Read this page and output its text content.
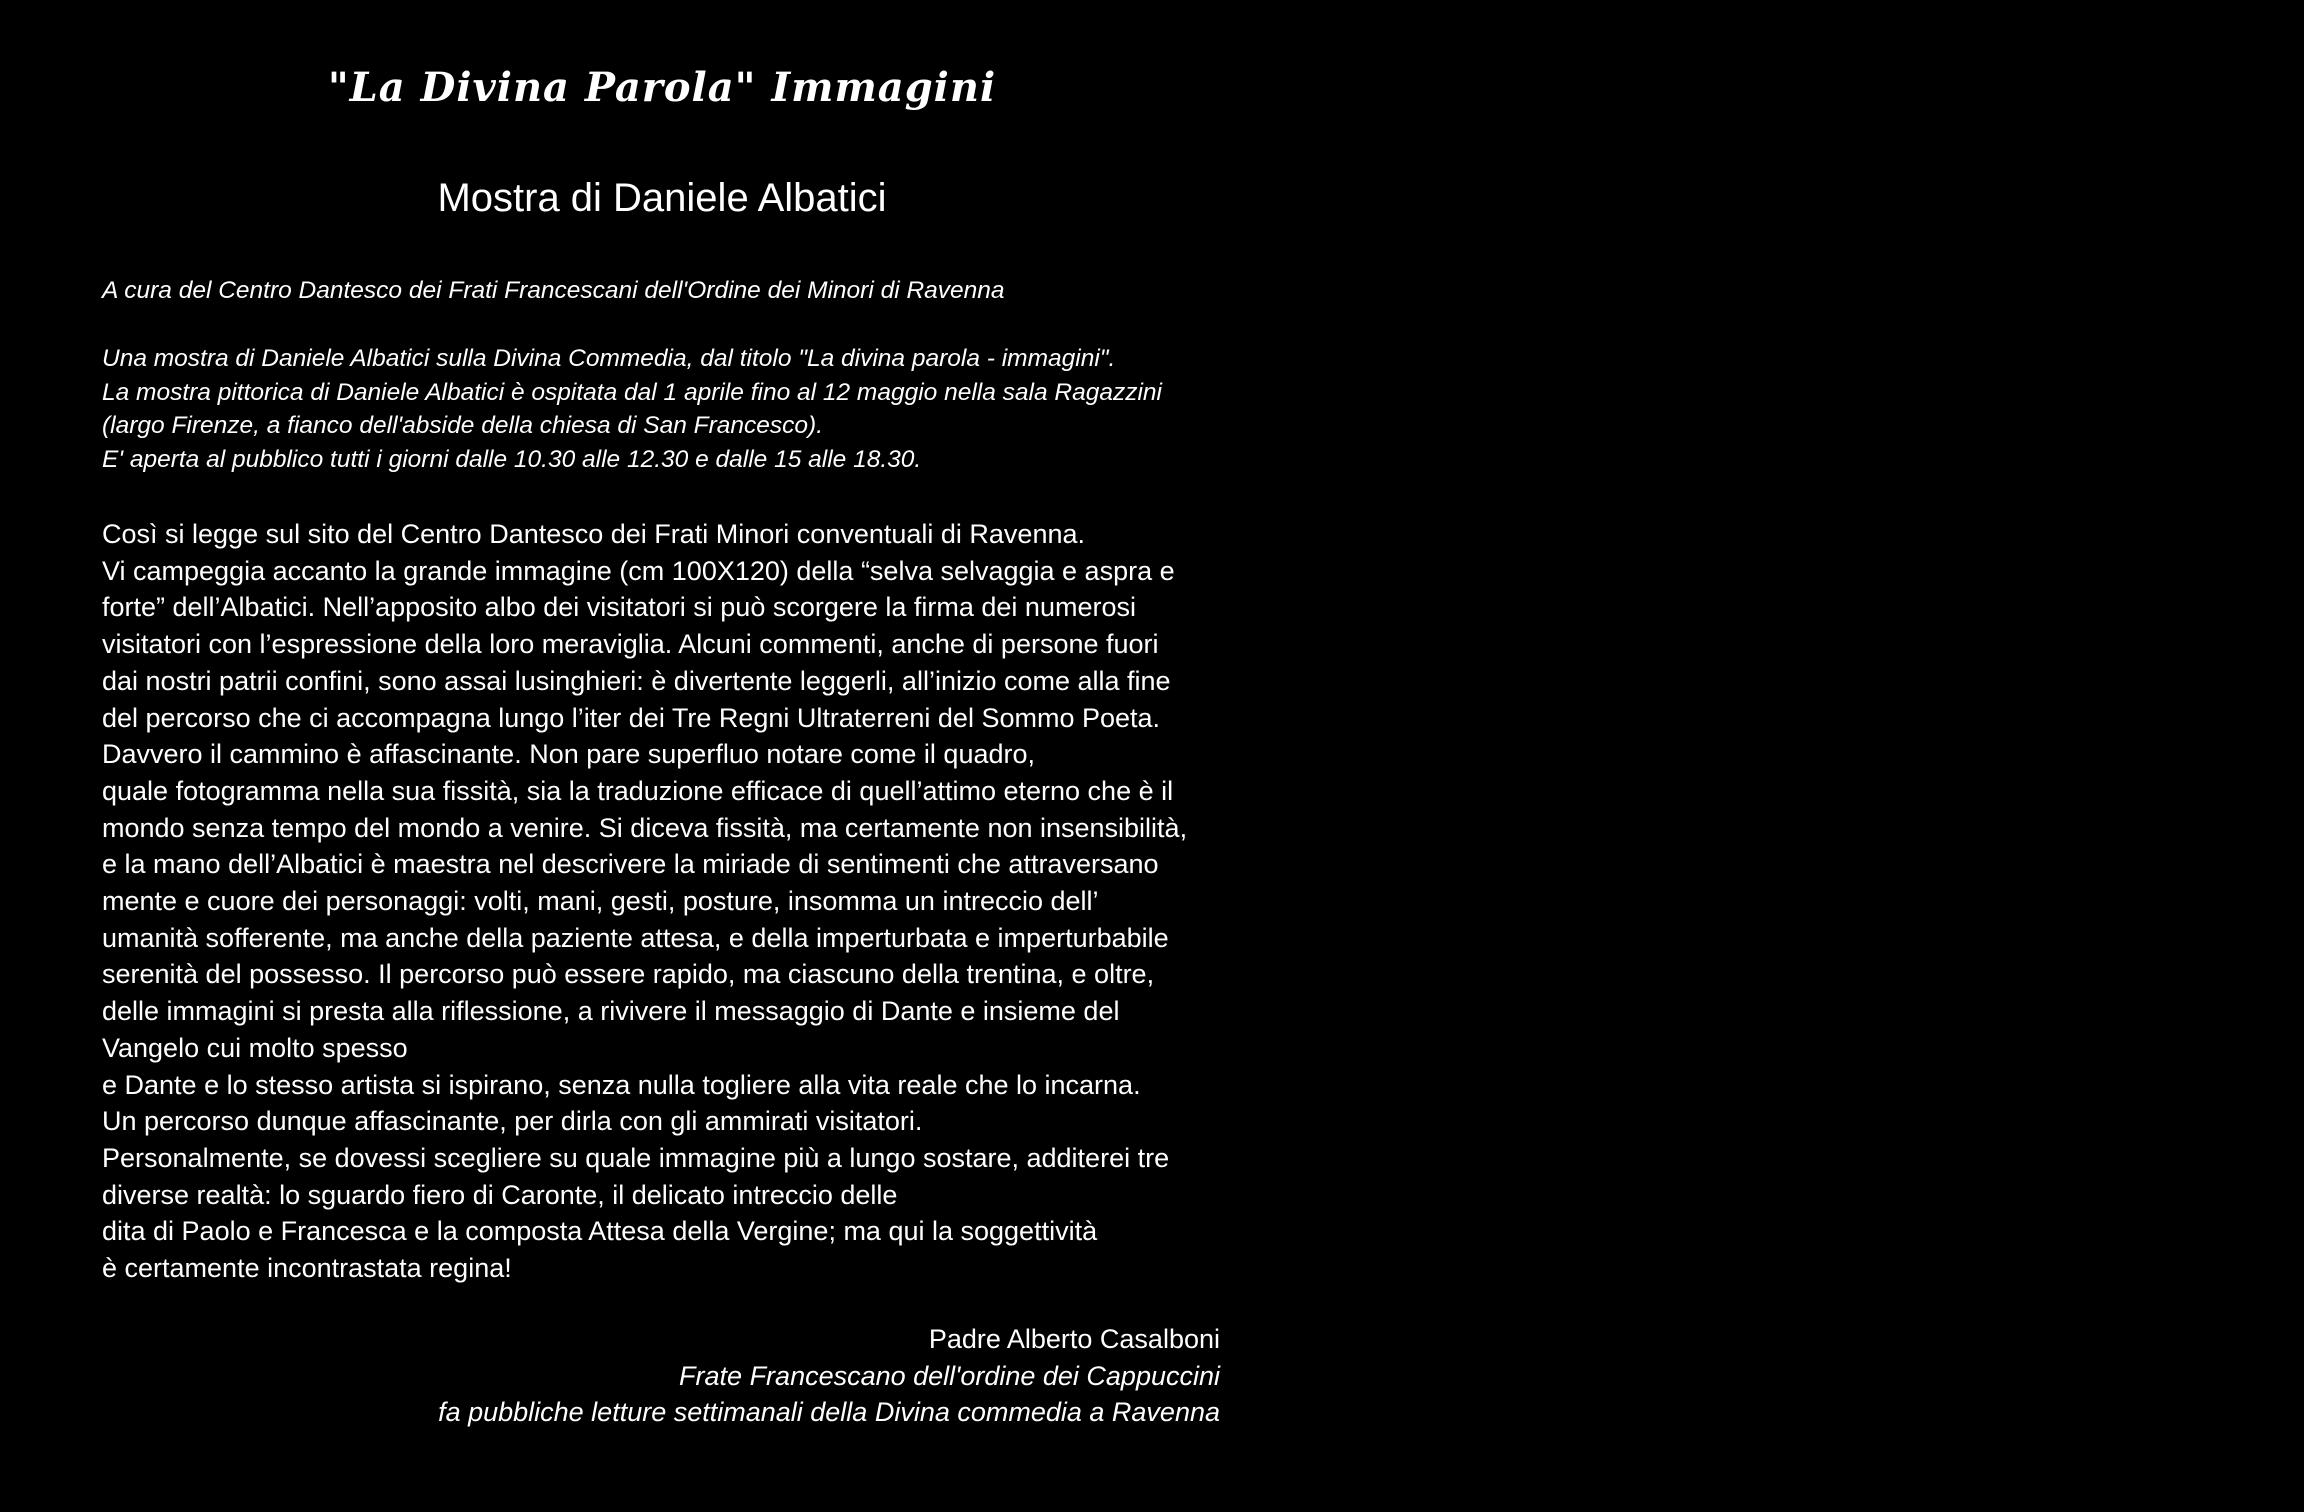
"La Divina Parola" Immagini
Mostra di Daniele Albatici

A cura del Centro Dantesco dei Frati Francescani dell'Ordine dei Minori di Ravenna

Una mostra di Daniele Albatici sulla Divina Commedia, dal titolo "La divina parola - immagini".
La mostra pittorica di Daniele Albatici è ospitata dal 1 aprile fino al 12 maggio nella sala Ragazzini
(largo Firenze, a fianco dell'abside della chiesa di San Francesco).
E' aperta al pubblico tutti i giorni dalle 10.30 alle 12.30 e dalle 15 alle 18.30.

Così si legge sul sito del Centro Dantesco dei Frati Minori conventuali di Ravenna.
Vi campeggia accanto la grande immagine (cm 100X120) della “selva selvaggia e aspra e
forte” dell’Albatici. Nell’apposito albo dei visitatori si può scorgere la firma dei numerosi
visitatori con l’espressione della loro meraviglia. Alcuni commenti, anche di persone fuori
dai nostri patrii confini, sono assai lusinghieri: è divertente leggerli, all’inizio come alla fine
del percorso che ci accompagna lungo l’iter dei Tre Regni Ultraterreni del Sommo Poeta.
Davvero il cammino è affascinante. Non pare superfluo notare come il quadro,
quale fotogramma nella sua fissità, sia la traduzione efficace di quell’attimo eterno che è il
mondo senza tempo del mondo a venire. Si diceva fissità, ma certamente non insensibilità,
e la mano dell’Albatici è maestra nel descrivere la miriade di sentimenti che attraversano
mente e cuore dei personaggi: volti, mani, gesti, posture, insomma un intreccio dell’
umanità sofferente, ma anche della paziente attesa, e della imperturbata e imperturbabile
serenità del possesso. Il percorso può essere rapido, ma ciascuno della trentina, e oltre,
delle immagini si presta alla riflessione, a rivivere il messaggio di Dante e insieme del
Vangelo cui molto spesso
e Dante e lo stesso artista si ispirano, senza nulla togliere alla vita reale che lo incarna.
Un percorso dunque affascinante, per dirla con gli ammirati visitatori.
Personalmente, se dovessi scegliere su quale immagine più a lungo sostare, additerei tre
diverse realtà: lo sguardo fiero di Caronte, il delicato intreccio delle
dita di Paolo e Francesca e la composta Attesa della Vergine; ma qui la soggettività
è certamente incontrastata regina!

Padre Alberto Casalboni
Frate Francescano dell'ordine dei Cappuccini
fa pubbliche letture settimanali della Divina commedia a Ravenna
